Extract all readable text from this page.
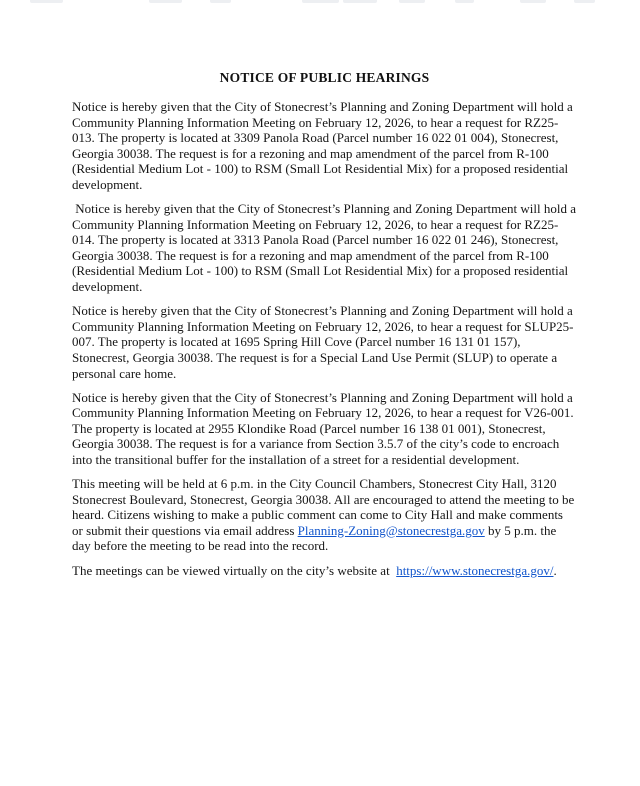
NOTICE OF PUBLIC HEARINGS

Notice is hereby given that the City of Stonecrest’s Planning and Zoning Department will hold a Community Planning Information Meeting on February 12, 2026, to hear a request for RZ25-013. The property is located at 3309 Panola Road (Parcel number 16 022 01 004), Stonecrest, Georgia 30038. The request is for a rezoning and map amendment of the parcel from R-100 (Residential Medium Lot - 100) to RSM (Small Lot Residential Mix) for a proposed residential development.

Notice is hereby given that the City of Stonecrest’s Planning and Zoning Department will hold a Community Planning Information Meeting on February 12, 2026, to hear a request for RZ25-014. The property is located at 3313 Panola Road (Parcel number 16 022 01 246), Stonecrest, Georgia 30038. The request is for a rezoning and map amendment of the parcel from R-100 (Residential Medium Lot - 100) to RSM (Small Lot Residential Mix) for a proposed residential development.

Notice is hereby given that the City of Stonecrest’s Planning and Zoning Department will hold a Community Planning Information Meeting on February 12, 2026, to hear a request for SLUP25-007. The property is located at 1695 Spring Hill Cove (Parcel number 16 131 01 157), Stonecrest, Georgia 30038. The request is for a Special Land Use Permit (SLUP) to operate a personal care home.

Notice is hereby given that the City of Stonecrest’s Planning and Zoning Department will hold a Community Planning Information Meeting on February 12, 2026, to hear a request for V26-001. The property is located at 2955 Klondike Road (Parcel number 16 138 01 001), Stonecrest, Georgia 30038. The request is for a variance from Section 3.5.7 of the city’s code to encroach into the transitional buffer for the installation of a street for a residential development.

This meeting will be held at 6 p.m. in the City Council Chambers, Stonecrest City Hall, 3120 Stonecrest Boulevard, Stonecrest, Georgia 30038. All are encouraged to attend the meeting to be heard. Citizens wishing to make a public comment can come to City Hall and make comments or submit their questions via email address Planning-Zoning@stonecrestga.gov by 5 p.m. the day before the meeting to be read into the record.

The meetings can be viewed virtually on the city’s website at  https://www.stonecrestga.gov/.
